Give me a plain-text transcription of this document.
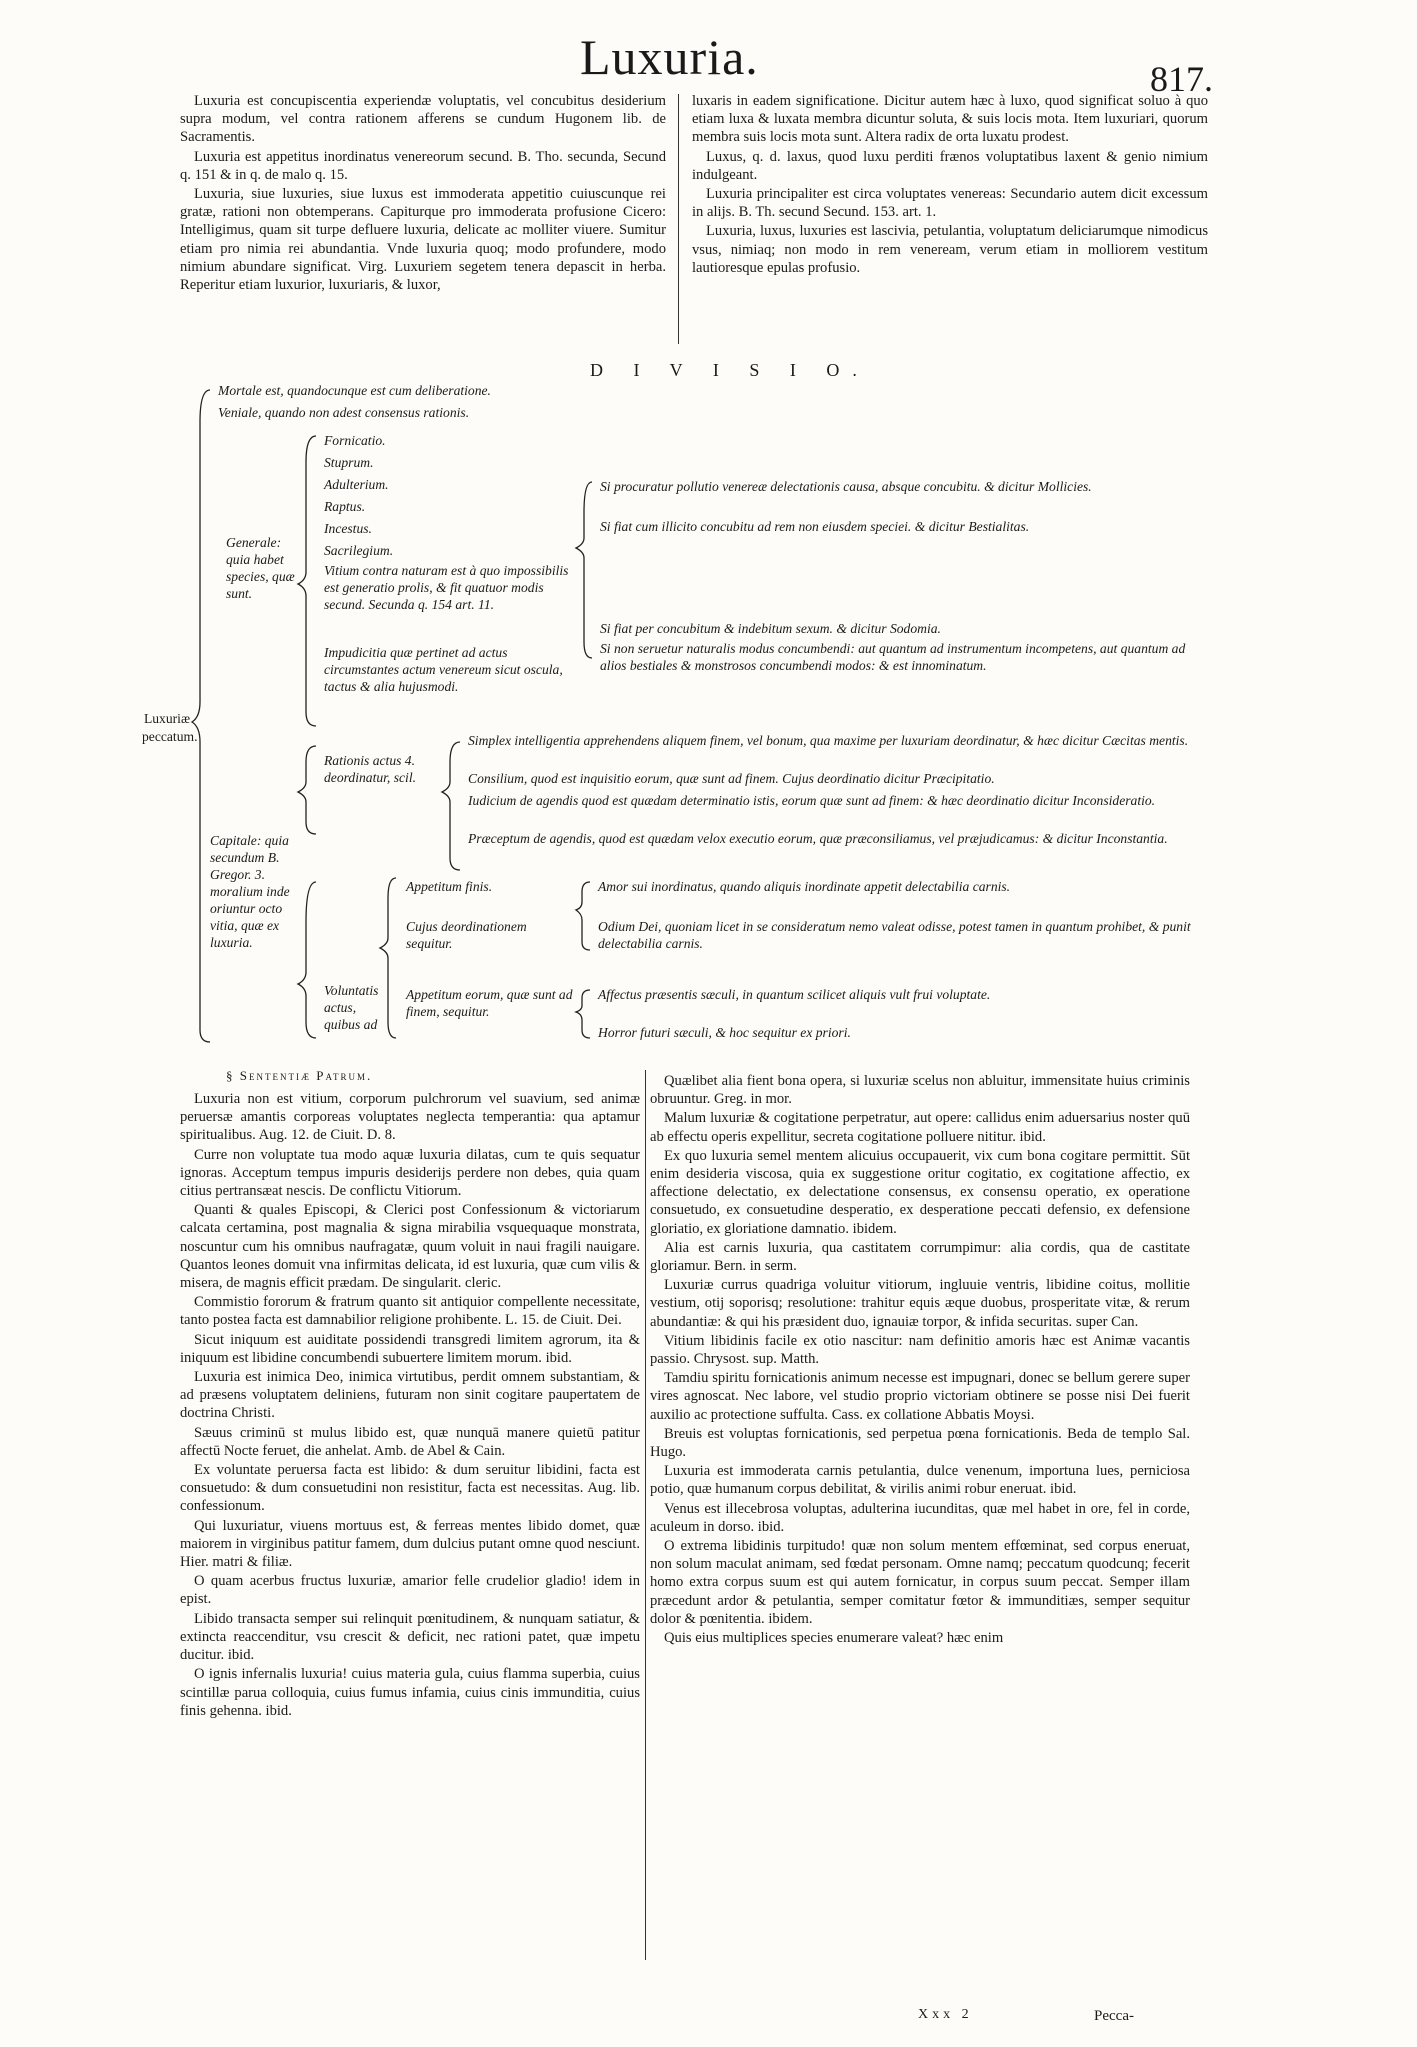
Luxuria.	817.

Luxuria est concupiscentia experiendæ voluptatis, vel concubitus desiderium supra modum, vel contra rationem afferens se cundum Hugonem lib. de Sacramentis.

Luxuria est appetitus inordinatus venereorum secund. B. Tho. secunda, Secund q. 151 & in q. de malo q. 15.

Luxuria, siue luxuries, siue luxus est immoderata appetitio cuiuscunque rei gratæ, rationi non obtemperans. Capiturque pro immoderata profusione Cicero: Intelligimus, quam sit turpe defluere luxuria, delicate ac molliter viuere. Sumitur etiam pro nimia rei abundantia. Vnde luxuria quoq; modo profundere, modo nimium abundare significat. Virg. Luxuriem segetem tenera depascit in herba. Reperitur etiam luxurior, luxuriaris, & luxor,

luxaris in eadem significatione. Dicitur autem hæc à luxo, quod significat soluo à quo etiam luxa & luxata membra dicuntur soluta, & suis locis mota. Item luxuriari, quorum membra suis locis mota sunt. Altera radix de orta luxatu prodest.

Luxus, q. d. laxus, quod luxu perditi frænos voluptatibus laxent & genio nimium indulgeant.

Luxuria principaliter est circa voluptates venereas: Secundario autem dicit excessum in alijs. B. Th. secund Secund. 153. art. 1.

Luxuria, luxus, luxuries est lascivia, petulantia, voluptatum deliciarumque nimodicus vsus, nimiaq; non modo in rem veneream, verum etiam in molliorem vestitum lautioresque epulas profusio.

D I V I S I O.
Luxuriæ peccatum.
Mortale est, quandocunque est cum deliberatione.
Veniale, quando non adest consensus rationis.
Generale: quia habet species, quæ sunt.
Fornicatio.
Stuprum.
Adulterium.
Raptus.
Incestus.
Sacrilegium.
Vitium contra naturam est à quo impossibilis est generatio prolis, & fit quatuor modis secund. Secunda q. 154 art. 11.
Impudicitia quæ pertinet ad actus circumstantes actum venereum sicut oscula, tactus & alia hujusmodi.
Si procuratur pollutio venereæ delectationis causa, absque concubitu. & dicitur Mollicies.
Si fiat cum illicito concubitu ad rem non eiusdem speciei. & dicitur Bestialitas.
Si fiat per concubitum & indebitum sexum. & dicitur Sodomia.
Si non seruetur naturalis modus concumbendi: aut quantum ad instrumentum incompetens, aut quantum ad alios bestiales & monstrosos concumbendi modos: & est innominatum.
Capitale: quia secundum B. Gregor. 3. moralium inde oriuntur octo vitia, quæ ex luxuria.
Rationis actus 4. deordinatur, scil.
Simplex intelligentia apprehendens aliquem finem, vel bonum, qua maxime per luxuriam deordinatur, & hæc dicitur Cæcitas mentis.
Consilium, quod est inquisitio eorum, quæ sunt ad finem. Cujus deordinatio dicitur Præcipitatio.
Iudicium de agendis quod est quædam determinatio istis, eorum quæ sunt ad finem: & hæc deordinatio dicitur Inconsideratio.
Præceptum de agendis, quod est quædam velox executio eorum, quæ præconsiliamus, vel præjudicamus: & dicitur Inconstantia.
Voluntatis actus, quibus ad
Appetitum finis.
Cujus deordinationem sequitur.
Appetitum eorum, quæ sunt ad finem, sequitur.
Amor sui inordinatus, quando aliquis inordinate appetit delectabilia carnis.
Odium Dei, quoniam licet in se consideratum nemo valeat odisse, potest tamen in quantum prohibet, & punit delectabilia carnis.
Affectus præsentis sæculi, in quantum scilicet aliquis vult frui voluptate.
Horror futuri sæculi, & hoc sequitur ex priori.
§ Sententiæ Patrum.

Luxuria non est vitium, corporum pulchrorum vel suavium, sed animæ peruersæ amantis corporeas voluptates neglecta temperantia: qua aptamur spiritualibus. Aug. 12. de Ciuit. D. 8.

Curre non voluptate tua modo aquæ luxuria dilatas, cum te quis sequatur ignoras. Acceptum tempus impuris desiderijs perdere non debes, quia quam citius pertransæat nescis. De conflictu Vitiorum.

Quanti & quales Episcopi, & Clerici post Confessionum & victoriarum calcata certamina, post magnalia & signa mirabilia vsquequaque monstrata, noscuntur cum his omnibus naufragatæ, quum voluit in naui fragili nauigare. Quantos leones domuit vna infirmitas delicata, id est luxuria, quæ cum vilis & misera, de magnis efficit prædam. De singularit. cleric.

Commistio fororum & fratrum quanto sit antiquior compellente necessitate, tanto postea facta est damnabilior religione prohibente. L. 15. de Ciuit. Dei.

Sicut iniquum est auiditate possidendi transgredi limitem agrorum, ita & iniquum est libidine concumbendi subuertere limitem morum. ibid.

Luxuria est inimica Deo, inimica virtutibus, perdit omnem substantiam, & ad præsens voluptatem deliniens, futuram non sinit cogitare paupertatem de doctrina Christi.

Sæuus criminū st mulus libido est, quæ nunquā manere quietū patitur affectū Nocte feruet, die anhelat. Amb. de Abel & Cain.

Ex voluntate peruersa facta est libido: & dum seruitur libidini, facta est consuetudo: & dum consuetudini non resistitur, facta est necessitas. Aug. lib. confessionum.

Qui luxuriatur, viuens mortuus est, & ferreas mentes libido domet, quæ maiorem in virginibus patitur famem, dum dulcius putant omne quod nesciunt. Hier. matri & filiæ.

O quam acerbus fructus luxuriæ, amarior felle crudelior gladio! idem in epist.

Libido transacta semper sui relinquit pœnitudinem, & nunquam satiatur, & extincta reaccenditur, vsu crescit & deficit, nec rationi patet, quæ impetu ducitur. ibid.

O ignis infernalis luxuria! cuius materia gula, cuius flamma superbia, cuius scintillæ parua colloquia, cuius fumus infamia, cuius cinis immunditia, cuius finis gehenna. ibid.

Quælibet alia fient bona opera, si luxuriæ scelus non abluitur, immensitate huius criminis obruuntur. Greg. in mor.

Malum luxuriæ & cogitatione perpetratur, aut opere: callidus enim aduersarius noster quū ab effectu operis expellitur, secreta cogitatione polluere nititur. ibid.

Ex quo luxuria semel mentem alicuius occupauerit, vix cum bona cogitare permittit. Sūt enim desideria viscosa, quia ex suggestione oritur cogitatio, ex cogitatione affectio, ex affectione delectatio, ex delectatione consensus, ex consensu operatio, ex operatione consuetudo, ex consuetudine desperatio, ex desperatione peccati defensio, ex defensione gloriatio, ex gloriatione damnatio. ibidem.

Alia est carnis luxuria, qua castitatem corrumpimur: alia cordis, qua de castitate gloriamur. Bern. in serm.

Luxuriæ currus quadriga voluitur vitiorum, ingluuie ventris, libidine coitus, mollitie vestium, otij soporisq; resolutione: trahitur equis æque duobus, prosperitate vitæ, & rerum abundantiæ: & qui his præsident duo, ignauiæ torpor, & infida securitas. super Can.

Vitium libidinis facile ex otio nascitur: nam definitio amoris hæc est Animæ vacantis passio. Chrysost. sup. Matth.

Tamdiu spiritu fornicationis animum necesse est impugnari, donec se bellum gerere super vires agnoscat. Nec labore, vel studio proprio victoriam obtinere se posse nisi Dei fuerit auxilio ac protectione suffulta. Cass. ex collatione Abbatis Moysi.

Breuis est voluptas fornicationis, sed perpetua pœna fornicationis. Beda de templo Sal. Hugo.

Luxuria est immoderata carnis petulantia, dulce venenum, importuna lues, perniciosa potio, quæ humanum corpus debilitat, & virilis animi robur eneruat. ibid.

Venus est illecebrosa voluptas, adulterina iucunditas, quæ mel habet in ore, fel in corde, aculeum in dorso. ibid.

O extrema libidinis turpitudo! quæ non solum mentem effœminat, sed corpus eneruat, non solum maculat animam, sed fœdat personam. Omne namq; peccatum quodcunq; fecerit homo extra corpus suum est qui autem fornicatur, in corpus suum peccat. Semper illam præcedunt ardor & petulantia, semper comitatur fœtor & immunditiæs, semper sequitur dolor & pœnitentia. ibidem.

Quis eius multiplices species enumerare valeat? hæc enim

Xxx 2	Pecca-
